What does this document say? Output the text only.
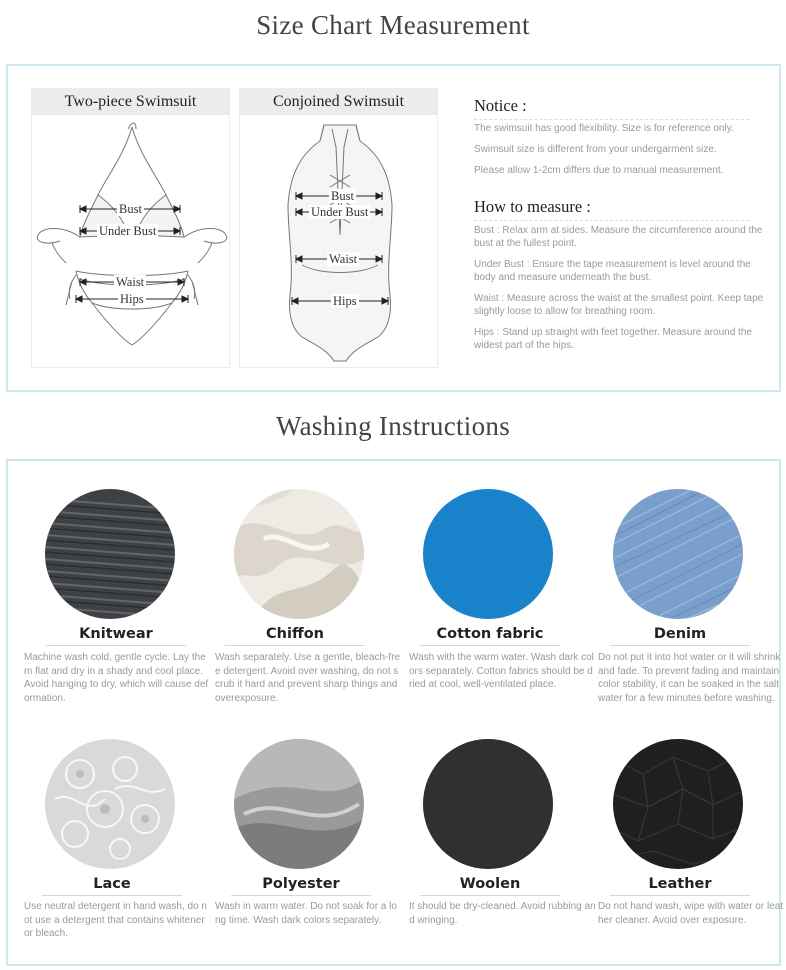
Size Chart Measurement
Two-piece Swimsuit
Bust
Under Bust
Waist
Hips
Conjoined Swimsuit
Bust
Under Bust
Waist
Hips
Notice :
The swimsuit has good flexibility. Size is for reference only.
Swimsuit size is different from your undergarment size.
Please allow 1-2cm differs due to manual measurement.
How to measure :
Bust : Relax arm at sides. Measure the circumference around the bust at the fullest point.
Under Bust : Ensure the tape measurement is level around the body and measure underneath the bust.
Waist : Measure across the waist at the smallest point. Keep tape slightly loose to allow for breathing room.
Hips : Stand up straight with feet together. Measure around the widest part of the hips.
Washing Instructions
Knitwear
Machine wash cold, gentle cycle. Lay them flat and dry in a shady and cool place. Avoid hanging to dry, which will cause deformation.
Chiffon
Wash separately. Use a gentle, bleach-free detergent. Avoid over washing, do not scrub it hard and prevent sharp things and overexposure.
Cotton fabric
Wash with the warm water. Wash dark colors separately. Cotton fabrics should be dried at cool, well-ventilated place.
Denim
Do not put it into hot water or it will shrink and fade. To prevent fading and maintain color stability, it can be soaked in the salt water for a few minutes before washing.
Lace
Use neutral detergent in hand wash, do not use a detergent that contains whitener or bleach.
Polyester
Wash in warm water. Do not soak for a long time. Wash dark colors separately.
Woolen
It should be dry-cleaned. Avoid rubbing and wringing.
Leather
Do not hand wash, wipe with water or leather cleaner. Avoid over exposure.
